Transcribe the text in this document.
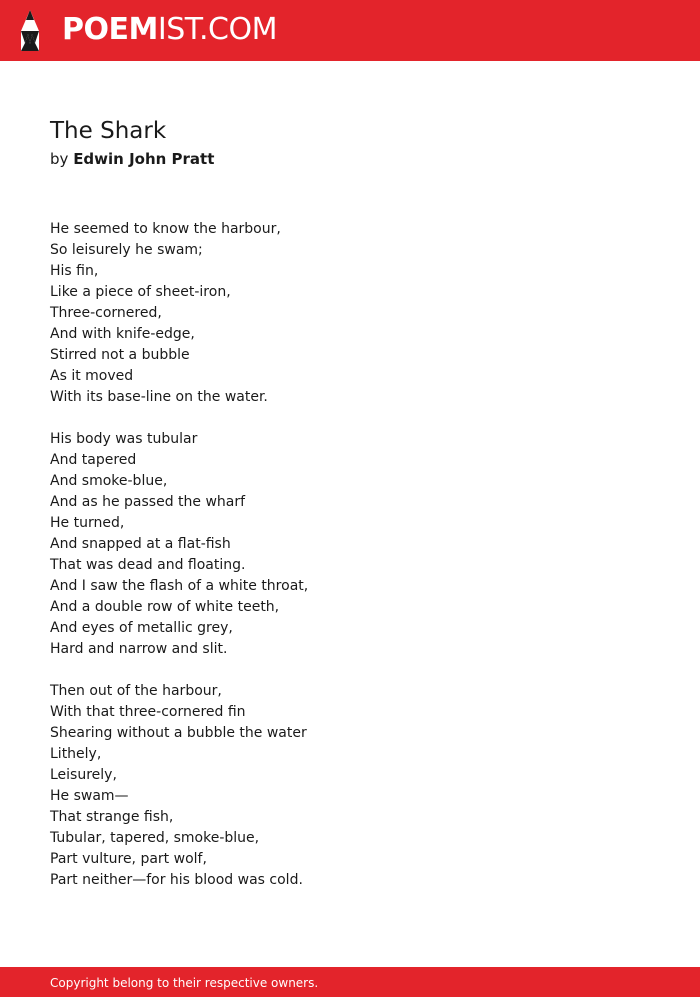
POEMIST.COM
The Shark
by Edwin John Pratt
He seemed to know the harbour,
So leisurely he swam;
His fin,
Like a piece of sheet-iron,
Three-cornered,
And with knife-edge,
Stirred not a bubble
As it moved
With its base-line on the water.
His body was tubular
And tapered
And smoke-blue,
And as he passed the wharf
He turned,
And snapped at a flat-fish
That was dead and floating.
And I saw the flash of a white throat,
And a double row of white teeth,
And eyes of metallic grey,
Hard and narrow and slit.
Then out of the harbour,
With that three-cornered fin
Shearing without a bubble the water
Lithely,
Leisurely,
He swam—
That strange fish,
Tubular, tapered, smoke-blue,
Part vulture, part wolf,
Part neither—for his blood was cold.
Copyright belong to their respective owners.
